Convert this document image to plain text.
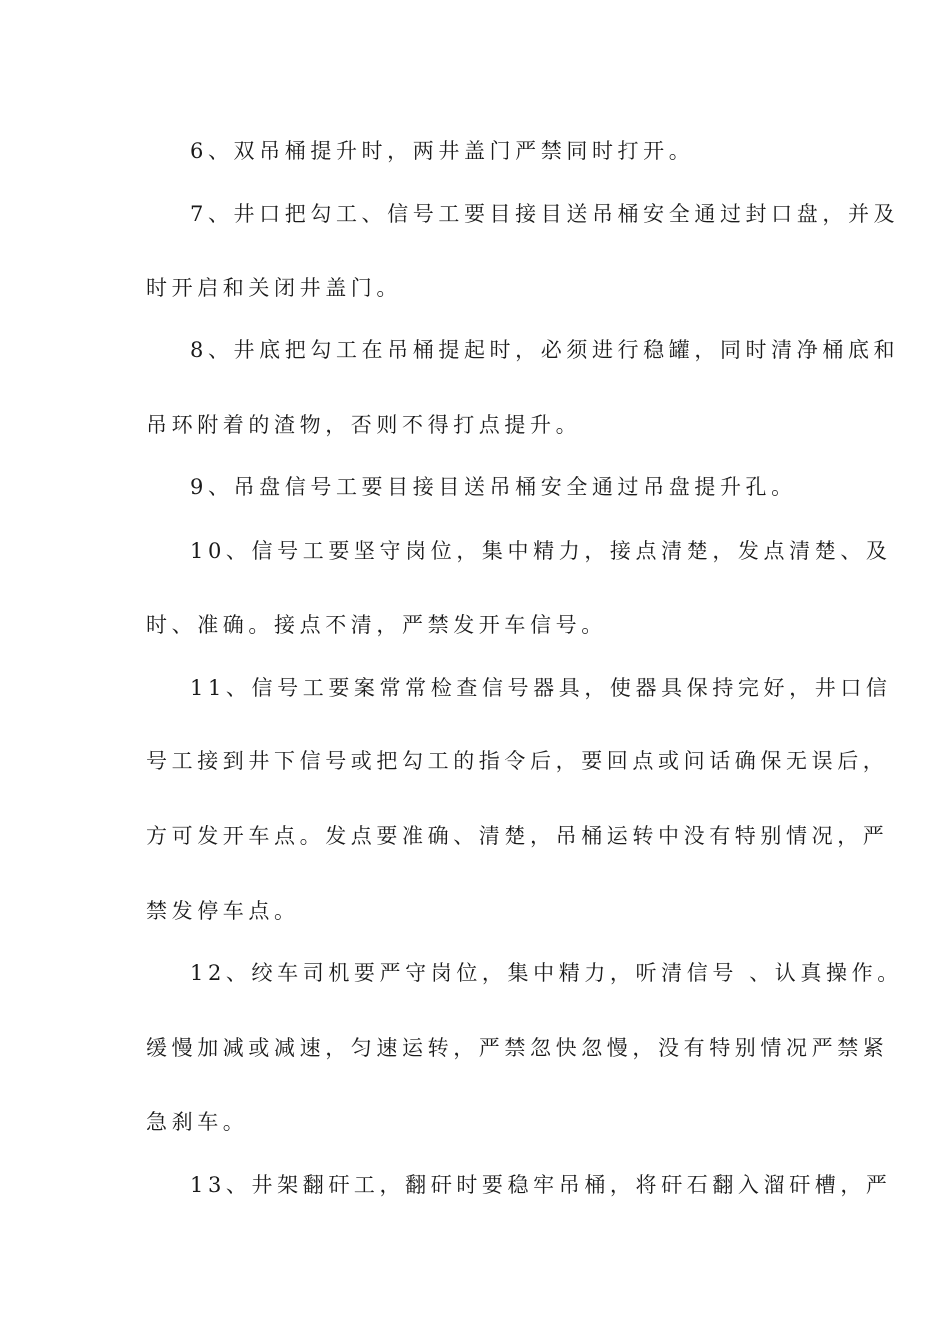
6、双吊桶提升时，两井盖门严禁同时打开。
7、井口把勾工、信号工要目接目送吊桶安全通过封口盘，并及
时开启和关闭井盖门。
8、井底把勾工在吊桶提起时，必须进行稳罐，同时清净桶底和
吊环附着的渣物，否则不得打点提升。
9、吊盘信号工要目接目送吊桶安全通过吊盘提升孔。
10、信号工要坚守岗位，集中精力，接点清楚，发点清楚、及
时、准确。接点不清，严禁发开车信号。
11、信号工要案常常检查信号器具，使器具保持完好，井口信
号工接到井下信号或把勾工的指令后，要回点或问话确保无误后，
方可发开车点。发点要准确、清楚，吊桶运转中没有特别情况，严
禁发停车点。
12、绞车司机要严守岗位，集中精力，听清信号 、认真操作。
缓慢加减或减速，匀速运转，严禁忽快忽慢，没有特别情况严禁紧
急刹车。
13、井架翻矸工，翻矸时要稳牢吊桶，将矸石翻入溜矸槽，严
